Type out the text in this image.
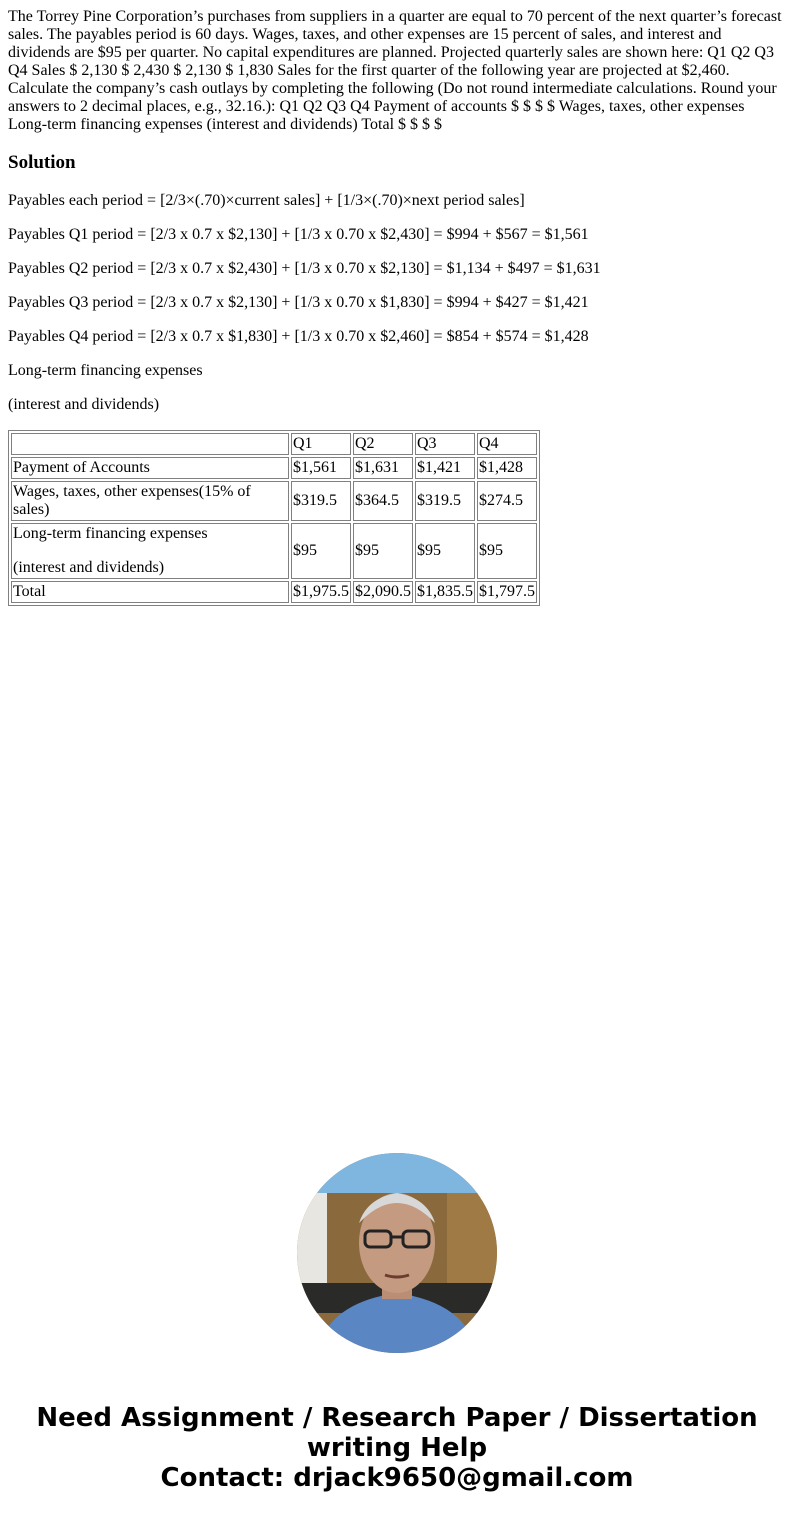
The Torrey Pine Corporation’s purchases from suppliers in a quarter are equal to 70 percent of the next quarter’s forecast sales. The payables period is 60 days. Wages, taxes, and other expenses are 15 percent of sales, and interest and dividends are $95 per quarter. No capital expenditures are planned. Projected quarterly sales are shown here: Q1 Q2 Q3 Q4 Sales $ 2,130 $ 2,430 $ 2,130 $ 1,830 Sales for the first quarter of the following year are projected at $2,460. Calculate the company’s cash outlays by completing the following (Do not round intermediate calculations. Round your answers to 2 decimal places, e.g., 32.16.): Q1 Q2 Q3 Q4 Payment of accounts $ $ $ $ Wages, taxes, other expenses Long-term financing expenses (interest and dividends) Total $ $ $ $

Solution

Payables each period = [2/3×(.70)×current sales] + [1/3×(.70)×next period sales]

Payables Q1 period = [2/3 x 0.7 x $2,130] + [1/3 x 0.70 x $2,430] = $994 + $567 = $1,561

Payables Q2 period = [2/3 x 0.7 x $2,430] + [1/3 x 0.70 x $2,130] = $1,134 + $497 = $1,631

Payables Q3 period = [2/3 x 0.7 x $2,130] + [1/3 x 0.70 x $1,830] = $994 + $427 = $1,421

Payables Q4 period = [2/3 x 0.7 x $1,830] + [1/3 x 0.70 x $2,460] = $854 + $574 = $1,428

Long-term financing expenses

(interest and dividends)

	Q1	Q2	Q3	Q4
Payment of Accounts	$1,561	$1,631	$1,421	$1,428
Wages, taxes, other expenses(15% of sales)	$319.5	$364.5	$319.5	$274.5

Long-term financing expenses

(interest and dividends)	$95	$95	$95	$95
Total	$1,975.5	$2,090.5	$1,835.5	$1,797.5
Need Assignment / Research Paper / Dissertation
writing Help
Contact: drjack9650@gmail.com
